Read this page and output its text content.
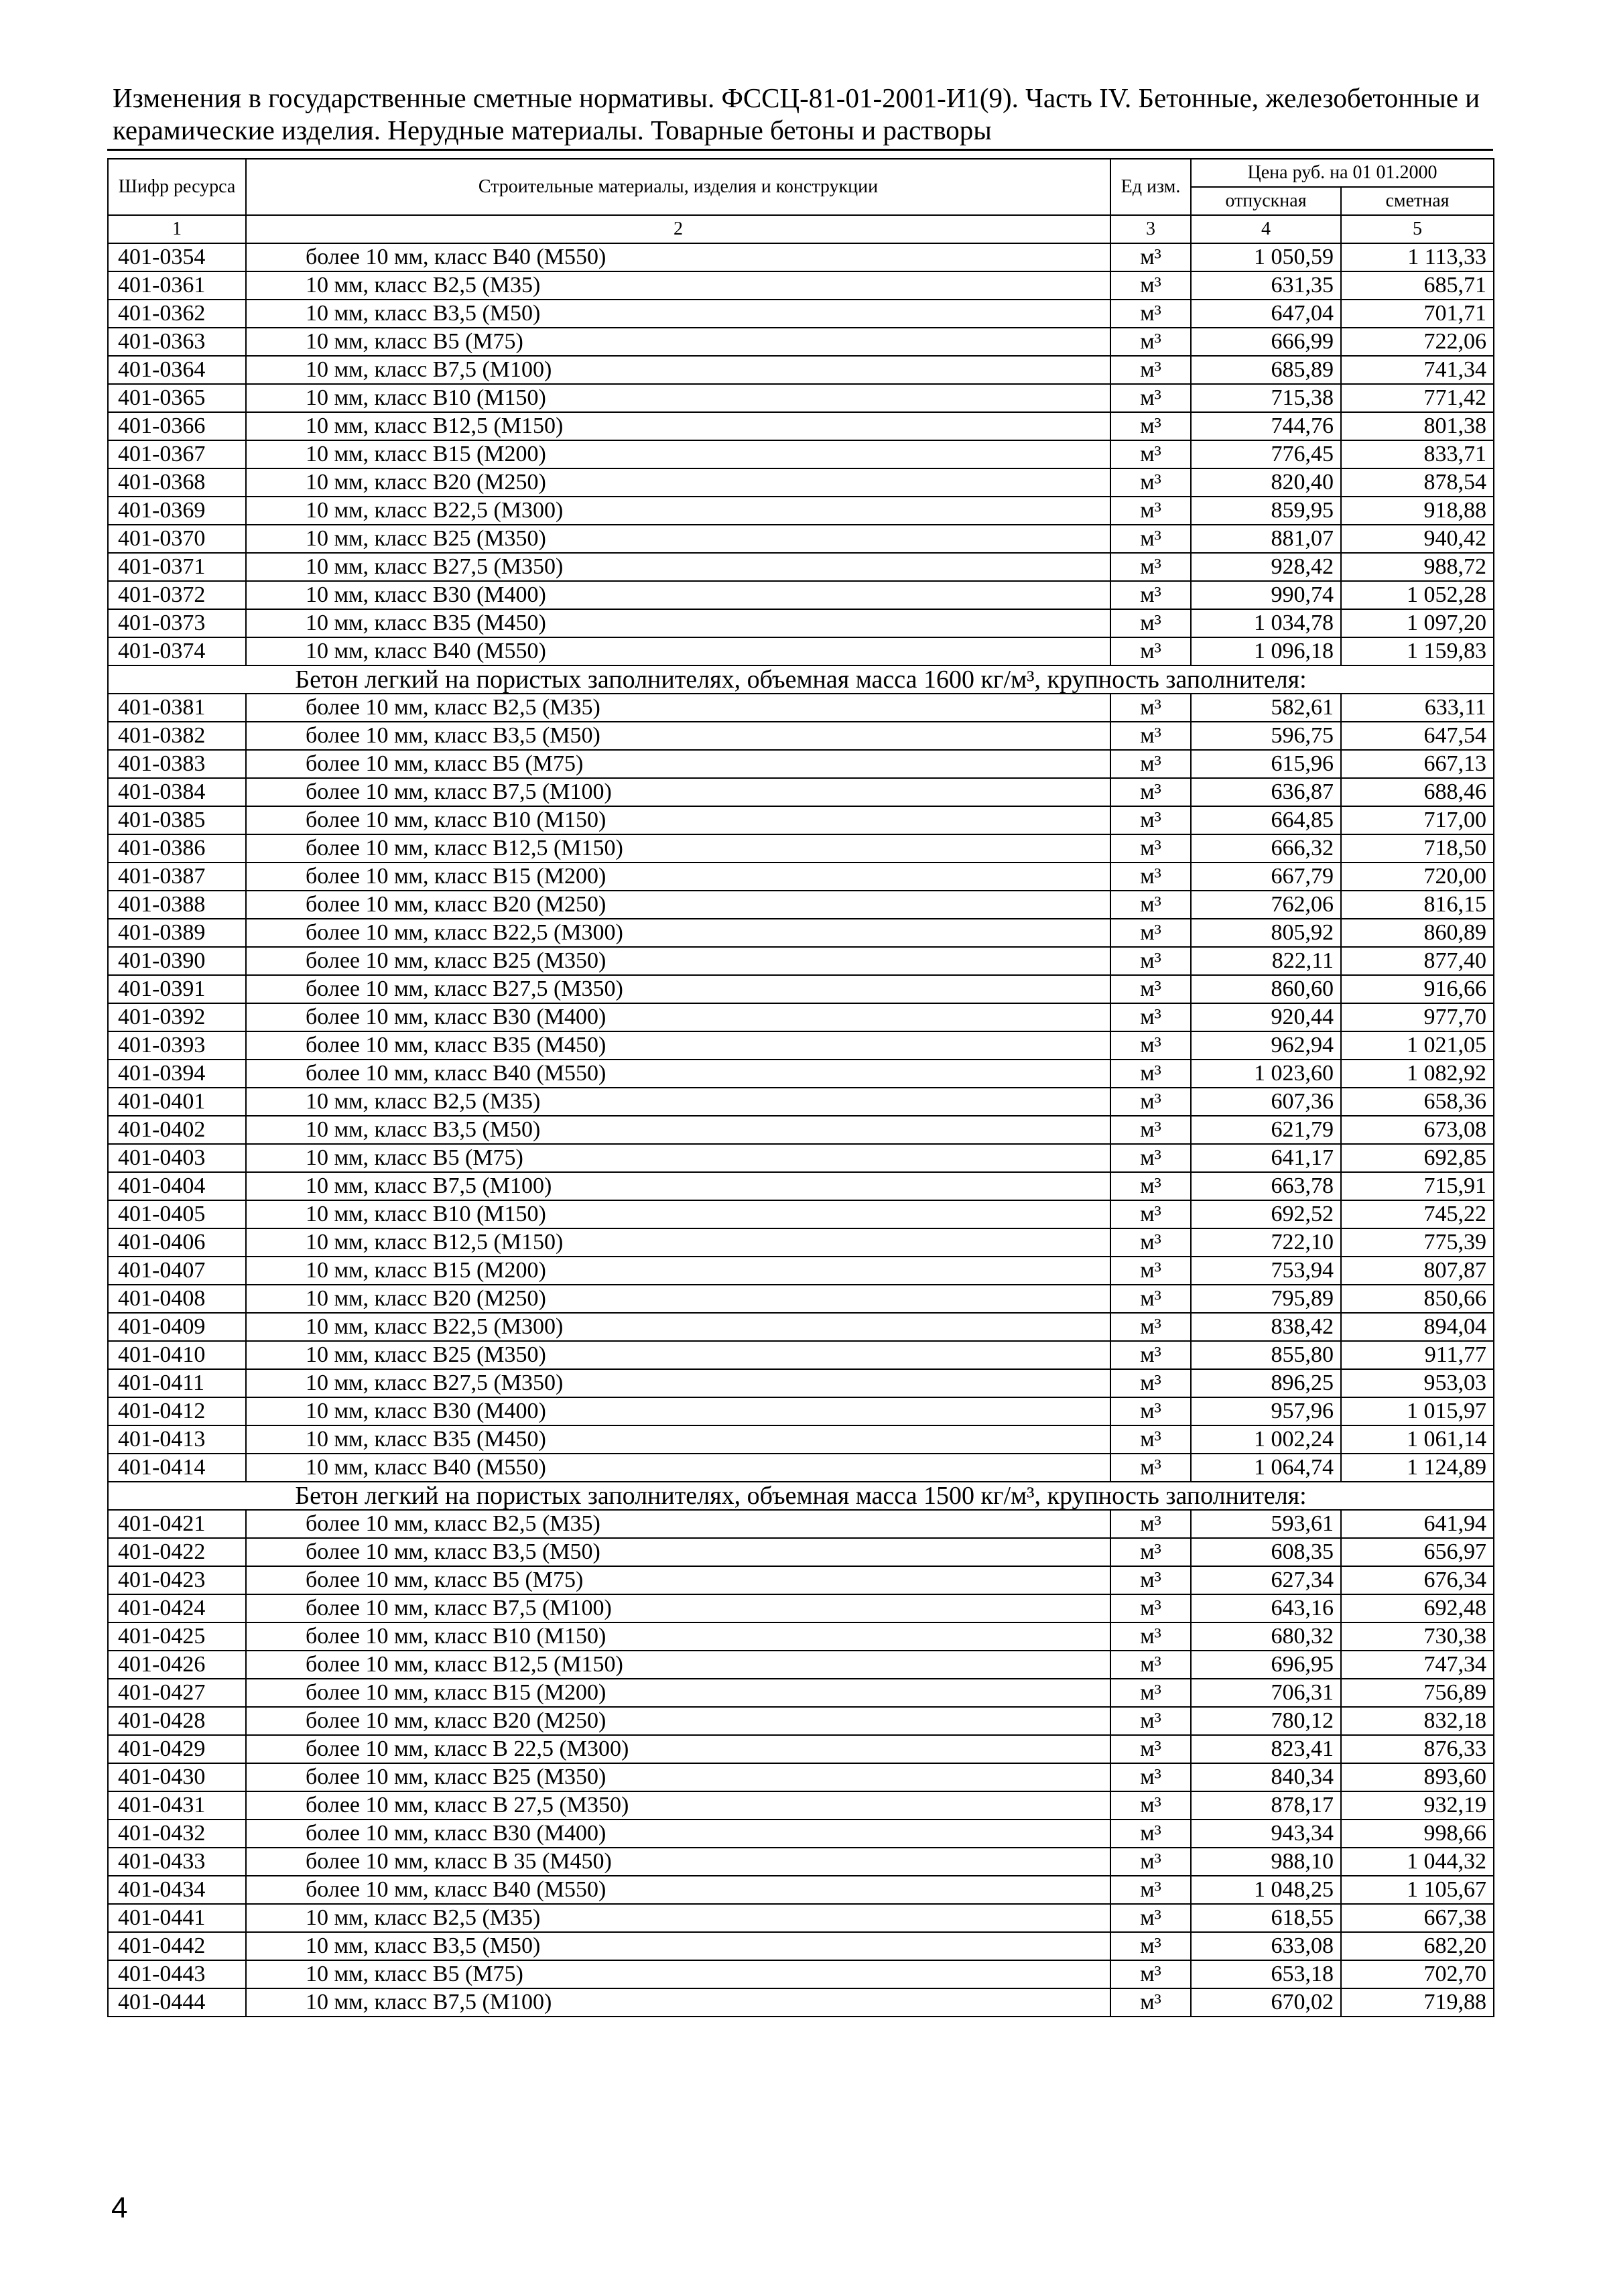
Изменения в государственные сметные нормативы. ФССЦ-81-01-2001-И1(9). Часть IV. Бетонные, железобетонные и керамические изделия. Нерудные материалы. Товарные бетоны и растворы
Шифр ресурса	Строительные материалы, изделия и конструкции	Ед изм.	Цена руб. на 01 01.2000	
			отпускная	сметная
1	2	3	4	5
401-0354	более 10 мм, класс В40 (М550)	м³	1 050,59	1 113,33
401-0361	10 мм, класс В2,5 (М35)	м³	631,35	685,71
401-0362	10 мм, класс В3,5 (М50)	м³	647,04	701,71
401-0363	10 мм, класс В5 (М75)	м³	666,99	722,06
401-0364	10 мм, класс В7,5 (М100)	м³	685,89	741,34
401-0365	10 мм, класс В10 (М150)	м³	715,38	771,42
401-0366	10 мм, класс В12,5 (М150)	м³	744,76	801,38
401-0367	10 мм, класс В15 (М200)	м³	776,45	833,71
401-0368	10 мм, класс В20 (М250)	м³	820,40	878,54
401-0369	10 мм, класс В22,5 (М300)	м³	859,95	918,88
401-0370	10 мм, класс В25 (М350)	м³	881,07	940,42
401-0371	10 мм, класс В27,5 (М350)	м³	928,42	988,72
401-0372	10 мм, класс В30 (М400)	м³	990,74	1 052,28
401-0373	10 мм, класс В35 (М450)	м³	1 034,78	1 097,20
401-0374	10 мм, класс В40 (М550)	м³	1 096,18	1 159,83
Бетон легкий на пористых заполнителях, объемная масса 1600 кг/м³, крупность заполнителя:				
401-0381	более 10 мм, класс В2,5 (М35)	м³	582,61	633,11
401-0382	более 10 мм, класс В3,5 (М50)	м³	596,75	647,54
401-0383	более 10 мм, класс В5 (М75)	м³	615,96	667,13
401-0384	более 10 мм, класс В7,5 (М100)	м³	636,87	688,46
401-0385	более 10 мм, класс В10 (М150)	м³	664,85	717,00
401-0386	более 10 мм, класс В12,5 (М150)	м³	666,32	718,50
401-0387	более 10 мм, класс В15 (М200)	м³	667,79	720,00
401-0388	более 10 мм, класс В20 (М250)	м³	762,06	816,15
401-0389	более 10 мм, класс В22,5 (М300)	м³	805,92	860,89
401-0390	более 10 мм, класс В25 (М350)	м³	822,11	877,40
401-0391	более 10 мм, класс В27,5 (М350)	м³	860,60	916,66
401-0392	более 10 мм, класс В30 (М400)	м³	920,44	977,70
401-0393	более 10 мм, класс В35 (М450)	м³	962,94	1 021,05
401-0394	более 10 мм, класс В40 (М550)	м³	1 023,60	1 082,92
401-0401	10 мм, класс В2,5 (М35)	м³	607,36	658,36
401-0402	10 мм, класс В3,5 (М50)	м³	621,79	673,08
401-0403	10 мм, класс В5 (М75)	м³	641,17	692,85
401-0404	10 мм, класс В7,5 (М100)	м³	663,78	715,91
401-0405	10 мм, класс В10 (М150)	м³	692,52	745,22
401-0406	10 мм, класс В12,5 (М150)	м³	722,10	775,39
401-0407	10 мм, класс В15 (М200)	м³	753,94	807,87
401-0408	10 мм, класс В20 (М250)	м³	795,89	850,66
401-0409	10 мм, класс В22,5 (М300)	м³	838,42	894,04
401-0410	10 мм, класс В25 (М350)	м³	855,80	911,77
401-0411	10 мм, класс В27,5 (М350)	м³	896,25	953,03
401-0412	10 мм, класс В30 (М400)	м³	957,96	1 015,97
401-0413	10 мм, класс В35 (М450)	м³	1 002,24	1 061,14
401-0414	10 мм, класс В40 (М550)	м³	1 064,74	1 124,89
Бетон легкий на пористых заполнителях, объемная масса 1500 кг/м³, крупность заполнителя:				
401-0421	более 10 мм, класс В2,5 (М35)	м³	593,61	641,94
401-0422	более 10 мм, класс В3,5 (М50)	м³	608,35	656,97
401-0423	более 10 мм, класс В5 (М75)	м³	627,34	676,34
401-0424	более 10 мм, класс В7,5 (М100)	м³	643,16	692,48
401-0425	более 10 мм, класс В10 (М150)	м³	680,32	730,38
401-0426	более 10 мм, класс В12,5 (М150)	м³	696,95	747,34
401-0427	более 10 мм, класс В15 (М200)	м³	706,31	756,89
401-0428	более 10 мм, класс В20 (М250)	м³	780,12	832,18
401-0429	более 10 мм, класс В 22,5 (М300)	м³	823,41	876,33
401-0430	более 10 мм, класс В25 (М350)	м³	840,34	893,60
401-0431	более 10 мм, класс В 27,5 (М350)	м³	878,17	932,19
401-0432	более 10 мм, класс В30 (М400)	м³	943,34	998,66
401-0433	более 10 мм, класс В 35 (М450)	м³	988,10	1 044,32
401-0434	более 10 мм, класс В40 (М550)	м³	1 048,25	1 105,67
401-0441	10 мм, класс В2,5 (М35)	м³	618,55	667,38
401-0442	10 мм, класс В3,5 (М50)	м³	633,08	682,20
401-0443	10 мм, класс В5 (М75)	м³	653,18	702,70
401-0444	10 мм, класс В7,5 (М100)	м³	670,02	719,88
4
